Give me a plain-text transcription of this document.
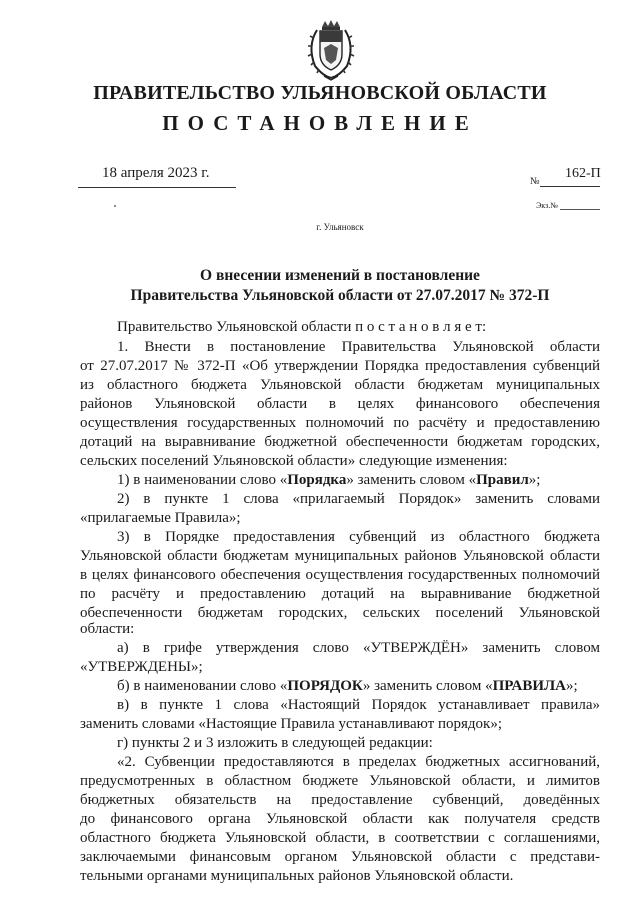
ПРАВИТЕЛЬСТВО УЛЬЯНОВСКОЙ ОБЛАСТИ
ПОСТАНОВЛЕНИЕ
18 апреля 2023 г.	162-П
№
Экз.№
г. Ульяновск
О внесении изменений в постановление
Правительства Ульяновской области от 27.07.2017 № 372-П
Правительство Ульяновской области п о с т а н о в л я е т:
1. Внести в постановление Правительства Ульяновской области
от 27.07.2017 № 372-П «Об утверждении Порядка предоставления субвенций
из областного бюджета Ульяновской области бюджетам муниципальных
районов Ульяновской области в целях финансового обеспечения
осуществления государственных полномочий по расчёту и предоставлению
дотаций на выравнивание бюджетной обеспеченности бюджетам городских,
сельских поселений Ульяновской области» следующие изменения:
1) в наименовании слово «Порядка» заменить словом «Правил»;
2) в пункте 1 слова «прилагаемый Порядок» заменить словами
«прилагаемые Правила»;
3) в Порядке предоставления субвенций из областного бюджета
Ульяновской области бюджетам муниципальных районов Ульяновской области
в целях финансового обеспечения осуществления государственных полномочий
по расчёту и предоставлению дотаций на выравнивание бюджетной
обеспеченности бюджетам городских, сельских поселений Ульяновской
области:
а) в грифе утверждения слово «УТВЕРЖДЁН» заменить словом
«УТВЕРЖДЕНЫ»;
б) в наименовании слово «ПОРЯДОК» заменить словом «ПРАВИЛА»;
в) в пункте 1 слова «Настоящий Порядок устанавливает правила»
заменить словами «Настоящие Правила устанавливают порядок»;
г) пункты 2 и 3 изложить в следующей редакции:
«2. Субвенции предоставляются в пределах бюджетных ассигнований,
предусмотренных в областном бюджете Ульяновской области, и лимитов
бюджетных обязательств на предоставление субвенций, доведённых
до финансового органа Ульяновской области как получателя средств
областного бюджета Ульяновской области, в соответствии с соглашениями,
заключаемыми финансовым органом Ульяновской области с представи-
тельными органами муниципальных районов Ульяновской области.
